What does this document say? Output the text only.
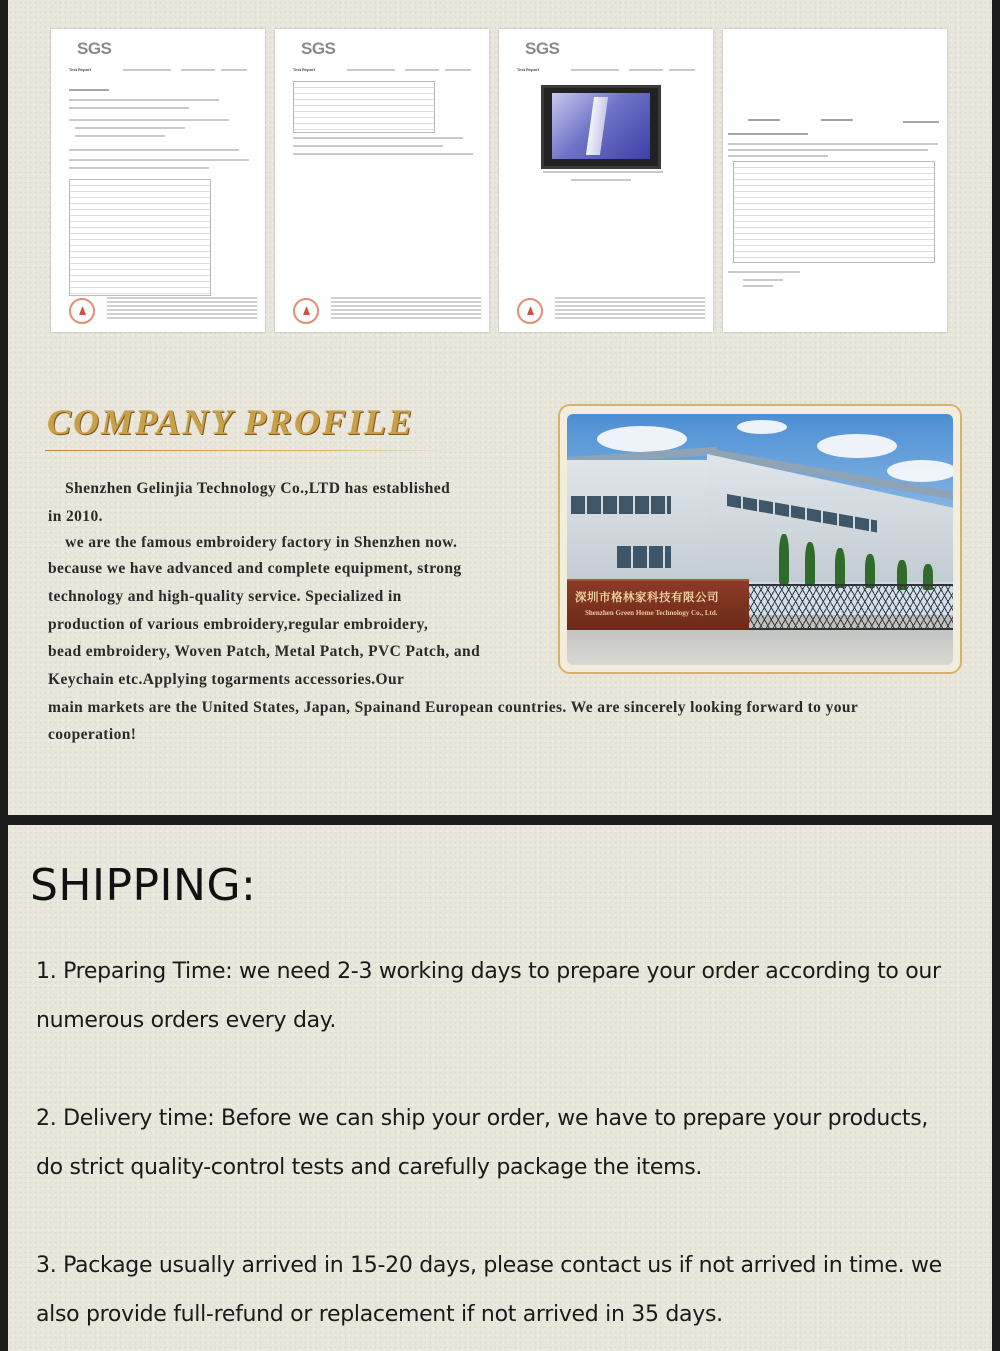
SGS
Test Report
SGS
Test Report
SGS
Test Report
COMPANY PROFILE

Shenzhen Gelinjia Technology Co.,LTD has established

in 2010.

we are the famous embroidery factory in Shenzhen now.

because we have advanced and complete equipment, strong

technology and high-quality service. Specialized in

production of various embroidery,regular embroidery,

bead embroidery, Woven Patch, Metal Patch, PVC Patch, and

Keychain etc.Applying togarments accessories.Our

main markets are the United States, Japan, Spainand European countries. We are sincerely looking forward to your

cooperation!

深圳市格林家科技有限公司
Shenzhen Green Home Technology Co., Ltd.
SHIPPING:

1. Preparing Time: we need 2-3 working days to prepare your order according to our

numerous orders every day.

2. Delivery time: Before we can ship your order, we have to prepare your products,

do strict quality-control tests and carefully package the items.

3. Package usually arrived in 15-20 days, please contact us if not arrived in time. we

also provide full-refund or replacement if not arrived in 35 days.
